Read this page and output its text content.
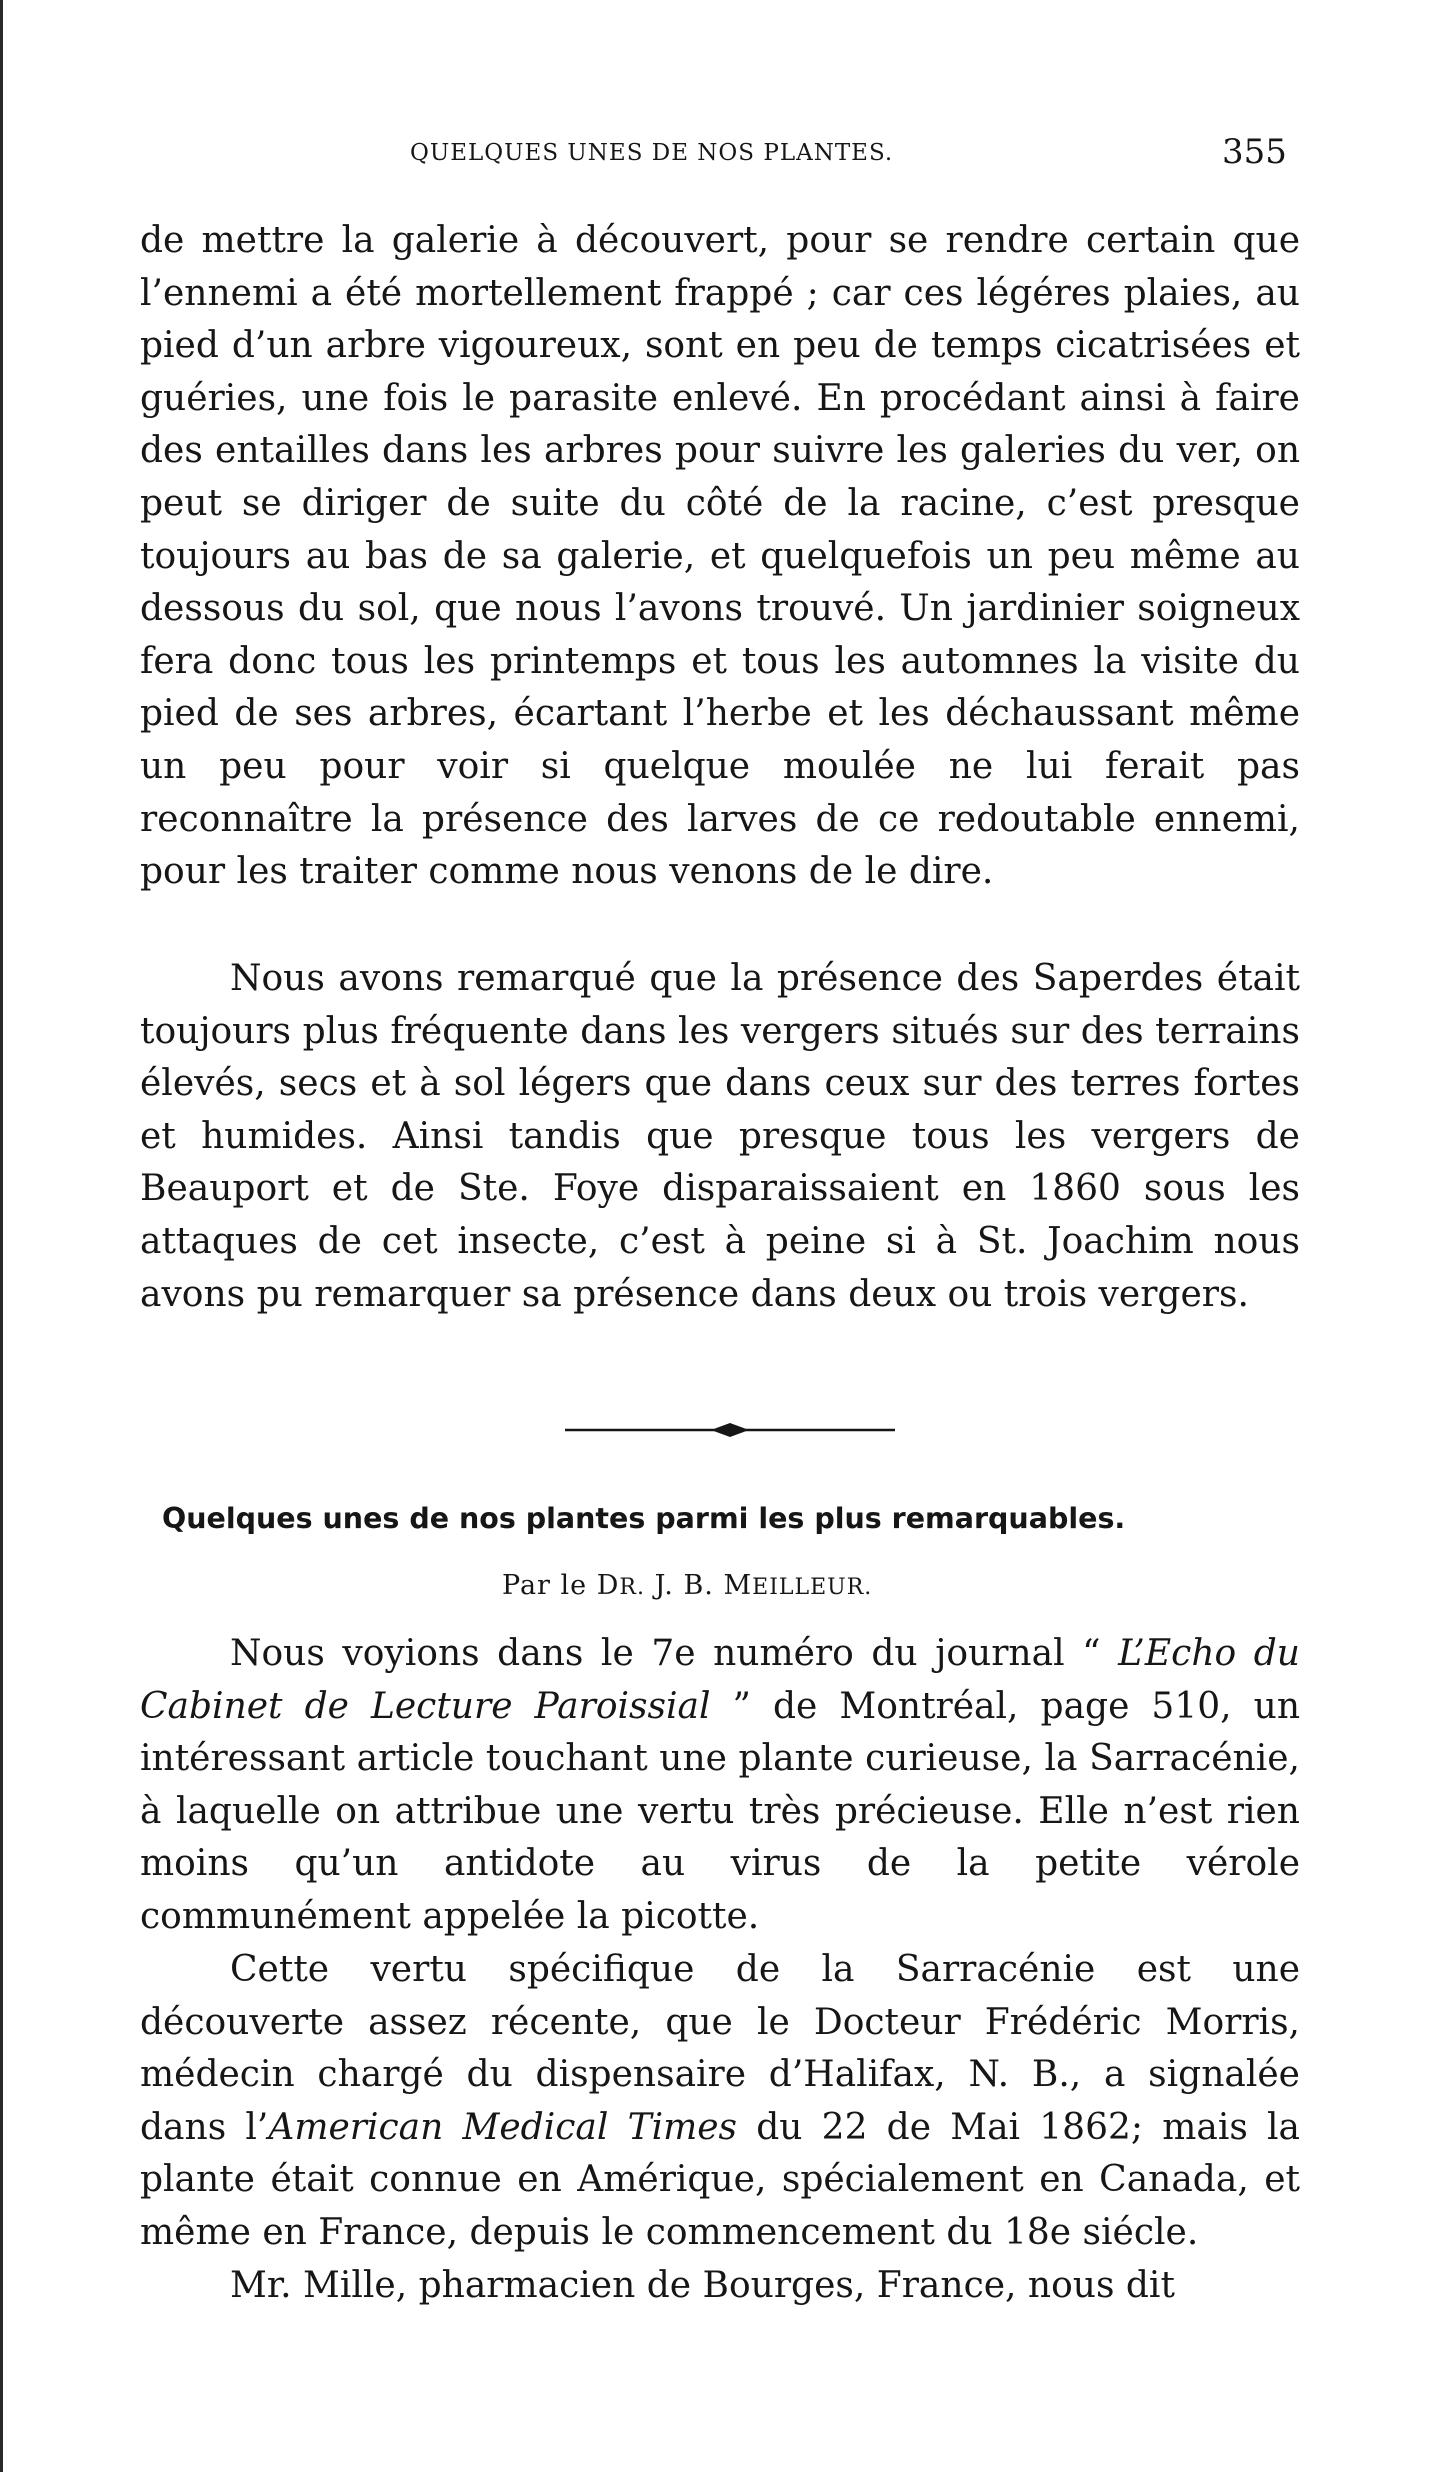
QUELQUES UNES DE NOS PLANTES.	355

de mettre la galerie à découvert, pour se rendre certain que l’ennemi a été mortellement frappé ; car ces légéres plaies, au pied d’un arbre vigoureux, sont en peu de temps cicatrisées et guéries, une fois le parasite enlevé. En procédant ainsi à faire des entailles dans les arbres pour suivre les galeries du ver, on peut se diriger de suite du côté de la racine, c’est presque toujours au bas de sa galerie, et quelquefois un peu même au dessous du sol, que nous l’avons trouvé. Un jardinier soigneux fera donc tous les printemps et tous les automnes la visite du pied de ses arbres, écartant l’herbe et les déchaussant même un peu pour voir si quelque moulée ne lui ferait pas reconnaître la présence des larves de ce redoutable ennemi, pour les traiter comme nous venons de le dire.

Nous avons remarqué que la présence des Saperdes était toujours plus fréquente dans les vergers situés sur des terrains élevés, secs et à sol légers que dans ceux sur des terres fortes et humides. Ainsi tandis que presque tous les vergers de Beauport et de Ste. Foye disparaissaient en 1860 sous les attaques de cet insecte, c’est à peine si à St. Joachim nous avons pu remarquer sa présence dans deux ou trois vergers.

Quelques unes de nos plantes parmi les plus remarquables.
Par le DR. J. B. MEILLEUR.

Nous voyions dans le 7e numéro du journal “ L’Echo du Cabinet de Lecture Paroissial ” de Montréal, page 510, un intéressant article touchant une plante curieuse, la Sarracénie, à laquelle on attribue une vertu très précieuse. Elle n’est rien moins qu’un antidote au virus de la petite vérole communément appelée la picotte.

Cette vertu spécifique de la Sarracénie est une découverte assez récente, que le Docteur Frédéric Morris, médecin chargé du dispensaire d’Halifax, N. B., a signalée dans l’American Medical Times du 22 de Mai 1862; mais la plante était connue en Amérique, spécialement en Canada, et même en France, depuis le commencement du 18e siécle.

Mr. Mille, pharmacien de Bourges, France, nous dit
